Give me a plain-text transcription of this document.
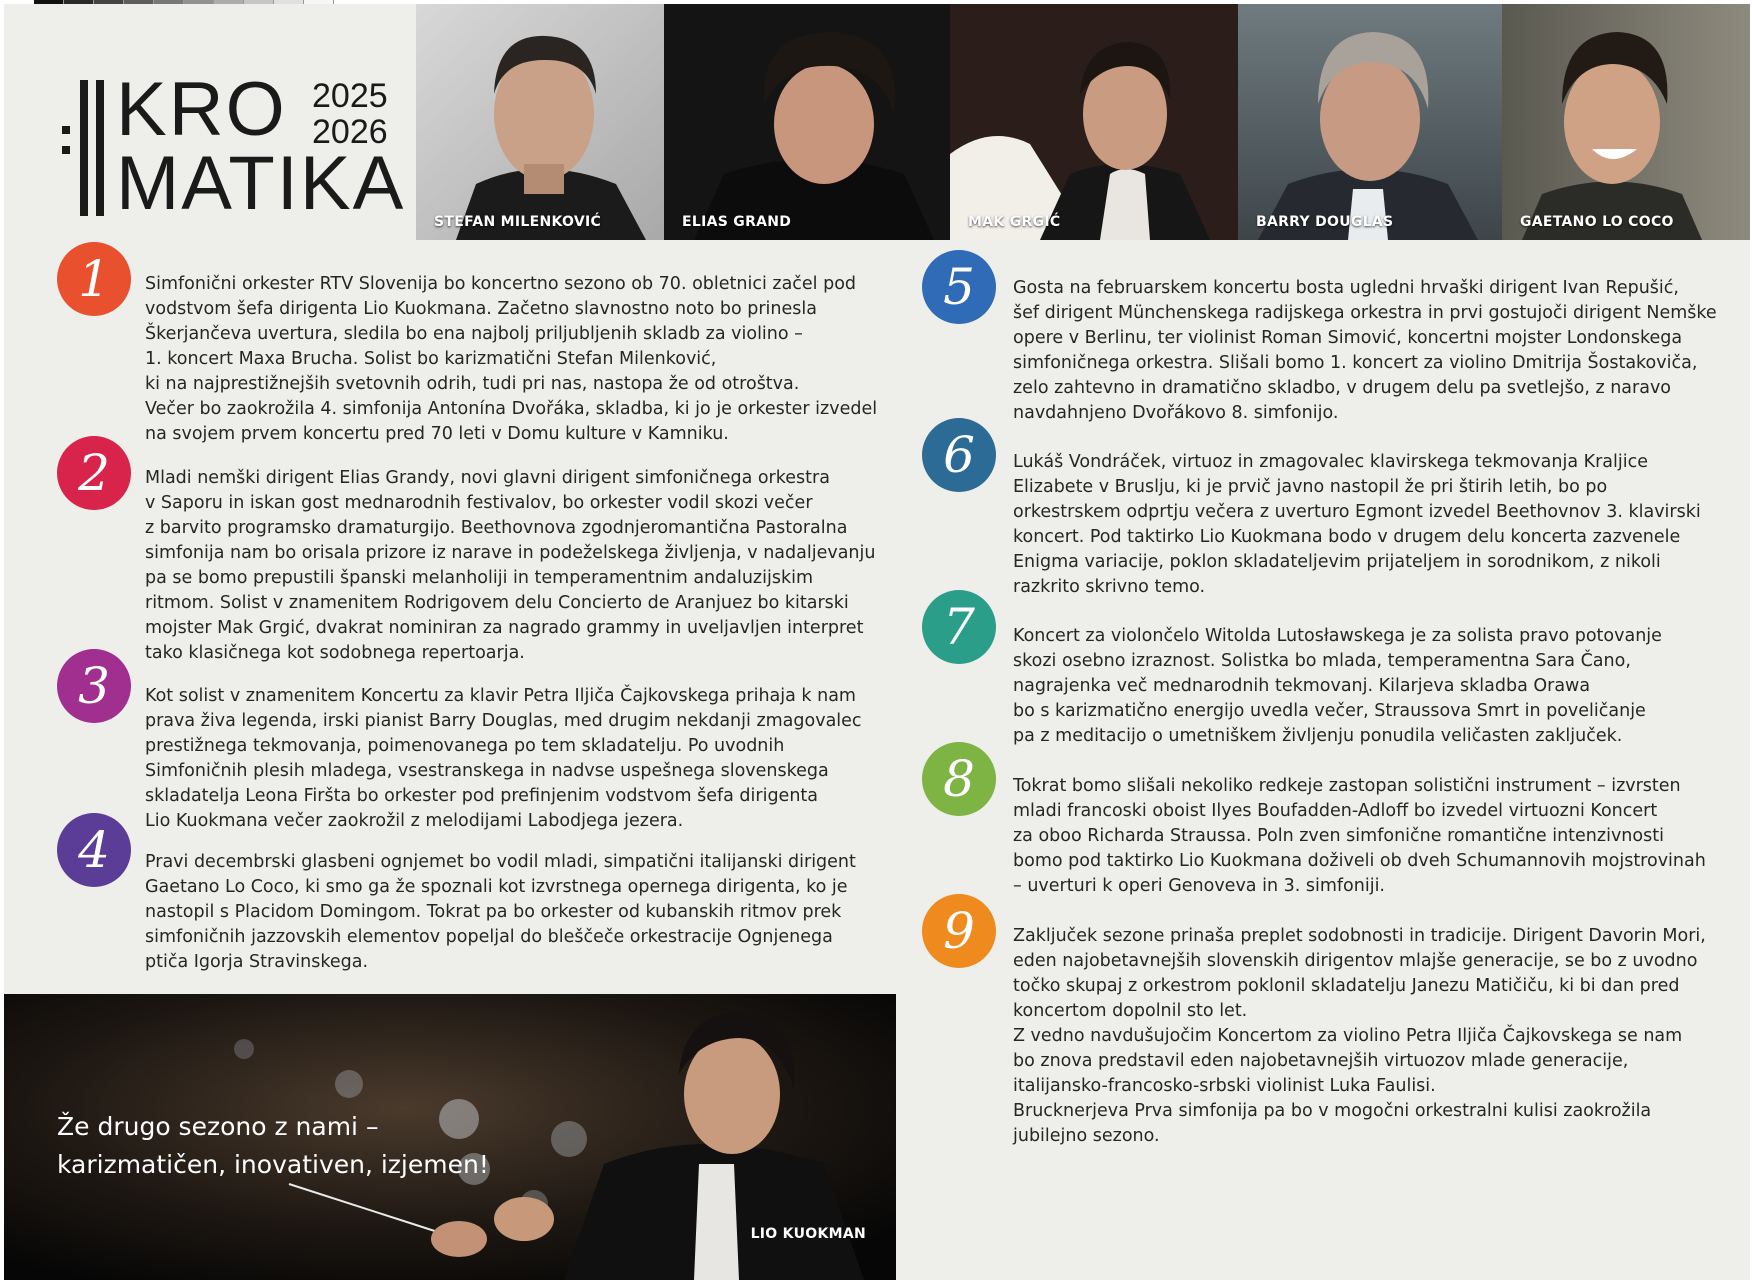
KRO
MATIKA
2025
2026
STEFAN MILENKOVIĆ	ELIAS GRAND	MAK GRGIĆ	BARRY DOUGLAS	GAETANO LO COCO
1	Simfonični orkester RTV Slovenija bo koncertno sezono ob 70. obletnici začel pod
vodstvom šefa dirigenta Lio Kuokmana. Začetno slavnostno noto bo prinesla
Škerjančeva uvertura, sledila bo ena najbolj priljubljenih skladb za violino –
1. koncert Maxa Brucha. Solist bo karizmatični Stefan Milenković,
ki na najprestižnejših svetovnih odrih, tudi pri nas, nastopa že od otroštva.
Večer bo zaokrožila 4. simfonija Antonína Dvořáka, skladba, ki jo je orkester izvedel
na svojem prvem koncertu pred 70 leti v Domu kulture v Kamniku.
2	Mladi nemški dirigent Elias Grandy, novi glavni dirigent simfoničnega orkestra
v Saporu in iskan gost mednarodnih festivalov, bo orkester vodil skozi večer
z barvito programsko dramaturgijo. Beethovnova zgodnjeromantična Pastoralna
simfonija nam bo orisala prizore iz narave in podeželskega življenja, v nadaljevanju
pa se bomo prepustili španski melanholiji in temperamentnim andaluzijskim
ritmom. Solist v znamenitem Rodrigovem delu Concierto de Aranjuez bo kitarski
mojster Mak Grgić, dvakrat nominiran za nagrado grammy in uveljavljen interpret
tako klasičnega kot sodobnega repertoarja.
3	Kot solist v znamenitem Koncertu za klavir Petra Iljiča Čajkovskega prihaja k nam
prava živa legenda, irski pianist Barry Douglas, med drugim nekdanji zmagovalec
prestižnega tekmovanja, poimenovanega po tem skladatelju. Po uvodnih
Simfoničnih plesih mladega, vsestranskega in nadvse uspešnega slovenskega
skladatelja Leona Firšta bo orkester pod prefinjenim vodstvom šefa dirigenta
Lio Kuokmana večer zaokrožil z melodijami Labodjega jezera.
4	Pravi decembrski glasbeni ognjemet bo vodil mladi, simpatični italijanski dirigent
Gaetano Lo Coco, ki smo ga že spoznali kot izvrstnega opernega dirigenta, ko je
nastopil s Placidom Domingom. Tokrat pa bo orkester od kubanskih ritmov prek
simfoničnih jazzovskih elementov popeljal do bleščeče orkestracije Ognjenega
ptiča Igorja Stravinskega.
5	Gosta na februarskem koncertu bosta ugledni hrvaški dirigent Ivan Repušić,
šef dirigent Münchenskega radijskega orkestra in prvi gostujoči dirigent Nemške
opere v Berlinu, ter violinist Roman Simović, koncertni mojster Londonskega
simfoničnega orkestra. Slišali bomo 1. koncert za violino Dmitrija Šostakoviča,
zelo zahtevno in dramatično skladbo, v drugem delu pa svetlejšo, z naravo
navdahnjeno Dvořákovo 8. simfonijo.
6	Lukáš Vondráček, virtuoz in zmagovalec klavirskega tekmovanja Kraljice
Elizabete v Bruslju, ki je prvič javno nastopil že pri štirih letih, bo po
orkestrskem odprtju večera z uverturo Egmont izvedel Beethovnov 3. klavirski
koncert. Pod taktirko Lio Kuokmana bodo v drugem delu koncerta zazvenele
Enigma variacije, poklon skladateljevim prijateljem in sorodnikom, z nikoli
razkrito skrivno temo.
7	Koncert za violončelo Witolda Lutosławskega je za solista pravo potovanje
skozi osebno izraznost. Solistka bo mlada, temperamentna Sara Čano,
nagrajenka več mednarodnih tekmovanj. Kilarjeva skladba Orawa
bo s karizmatično energijo uvedla večer, Straussova Smrt in poveličanje
pa z meditacijo o umetniškem življenju ponudila veličasten zaključek.
8	Tokrat bomo slišali nekoliko redkeje zastopan solistični instrument – izvrsten
mladi francoski oboist Ilyes Boufadden-Adloff bo izvedel virtuozni Koncert
za oboo Richarda Straussa. Poln zven simfonične romantične intenzivnosti
bomo pod taktirko Lio Kuokmana doživeli ob dveh Schumannovih mojstrovinah
– uverturi k operi Genoveva in 3. simfoniji.
9	Zaključek sezone prinaša preplet sodobnosti in tradicije. Dirigent Davorin Mori,
eden najobetavnejših slovenskih dirigentov mlajše generacije, se bo z uvodno
točko skupaj z orkestrom poklonil skladatelju Janezu Matičiču, ki bi dan pred
koncertom dopolnil sto let.
Z vedno navdušujočim Koncertom za violino Petra Iljiča Čajkovskega se nam
bo znova predstavil eden najobetavnejših virtuozov mlade generacije,
italijansko-francosko-srbski violinist Luka Faulisi.
Brucknerjeva Prva simfonija pa bo v mogočni orkestralni kulisi zaokrožila
jubilejno sezono.
Že drugo sezono z nami –
karizmatičen, inovativen, izjemen!
LIO KUOKMAN
